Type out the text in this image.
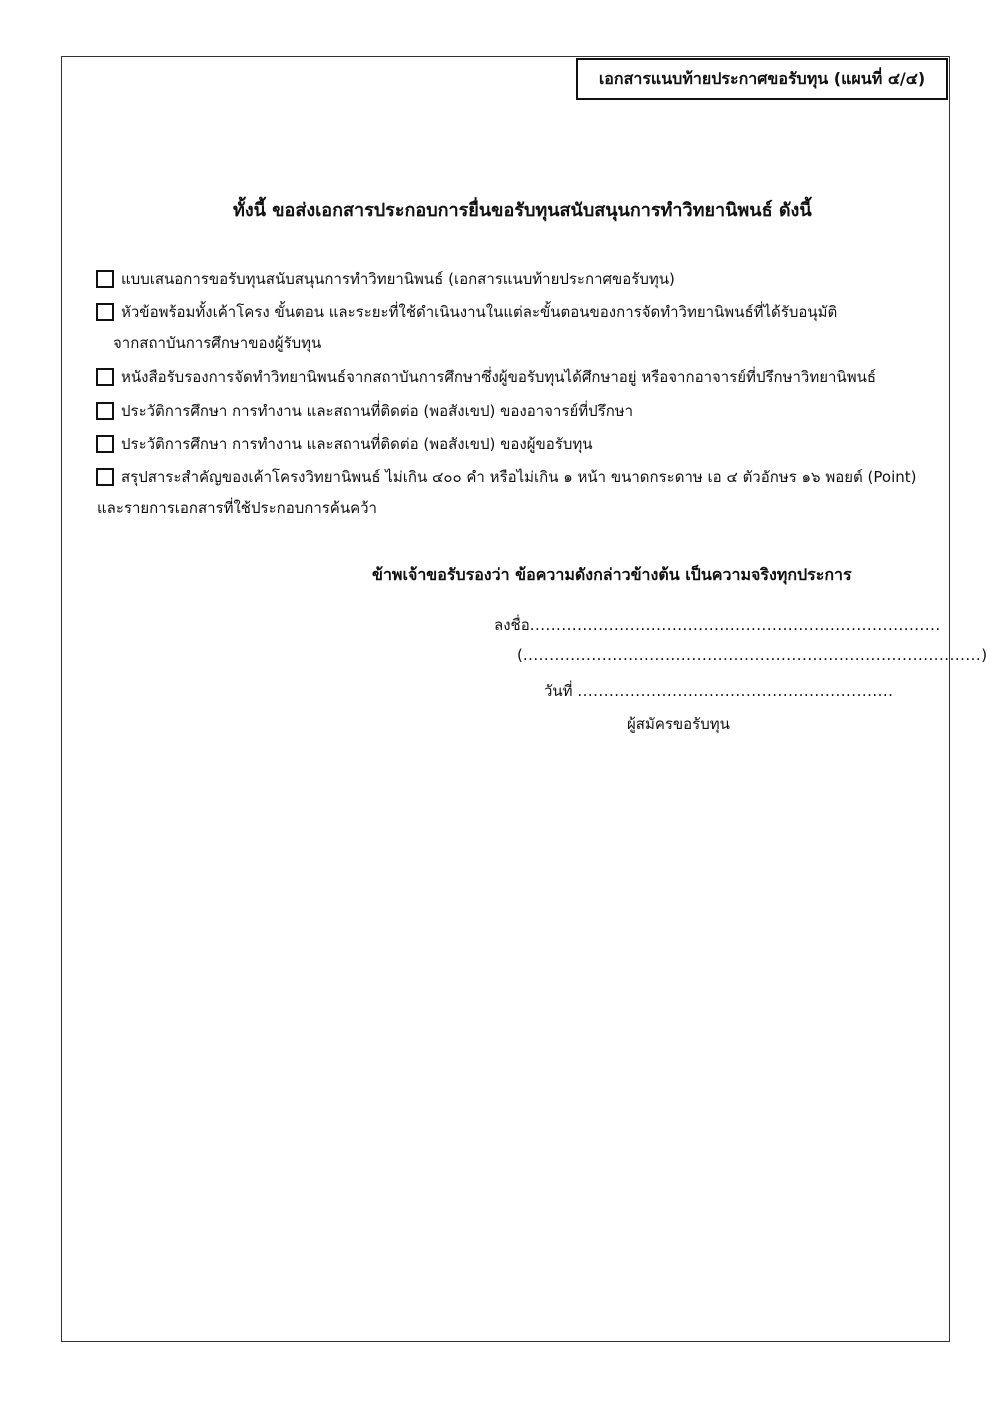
เอกสารแนบท้ายประกาศขอรับทุน (แผนที่ ๔/๔)
ทั้งนี้ ขอส่งเอกสารประกอบการยื่นขอรับทุนสนับสนุนการทำวิทยานิพนธ์ ดังนี้
แบบเสนอการขอรับทุนสนับสนุนการทำวิทยานิพนธ์ (เอกสารแนบท้ายประกาศขอรับทุน)
หัวข้อพร้อมทั้งเค้าโครง ขั้นตอน และระยะที่ใช้ดำเนินงานในแต่ละขั้นตอนของการจัดทำวิทยานิพนธ์ที่ได้รับอนุมัติ
จากสถาบันการศึกษาของผู้รับทุน
หนังสือรับรองการจัดทำวิทยานิพนธ์จากสถาบันการศึกษาซึ่งผู้ขอรับทุนได้ศึกษาอยู่ หรือจากอาจารย์ที่ปรึกษาวิทยานิพนธ์
ประวัติการศึกษา การทำงาน และสถานที่ติดต่อ (พอสังเขป) ของอาจารย์ที่ปรึกษา
ประวัติการศึกษา การทำงาน และสถานที่ติดต่อ (พอสังเขป) ของผู้ขอรับทุน
สรุปสาระสำคัญของเค้าโครงวิทยานิพนธ์ ไม่เกิน ๔๐๐ คำ หรือไม่เกิน ๑ หน้า ขนาดกระดาษ เอ ๔ ตัวอักษร ๑๖ พอยต์ (Point)
และรายการเอกสารที่ใช้ประกอบการค้นคว้า
ข้าพเจ้าขอรับรองว่า ข้อความดังกล่าวข้างต้น เป็นความจริงทุกประการ
ลงชื่อ..............................................................................
(.......................................................................................)
วันที่ ............................................................
ผู้สมัครขอรับทุน
